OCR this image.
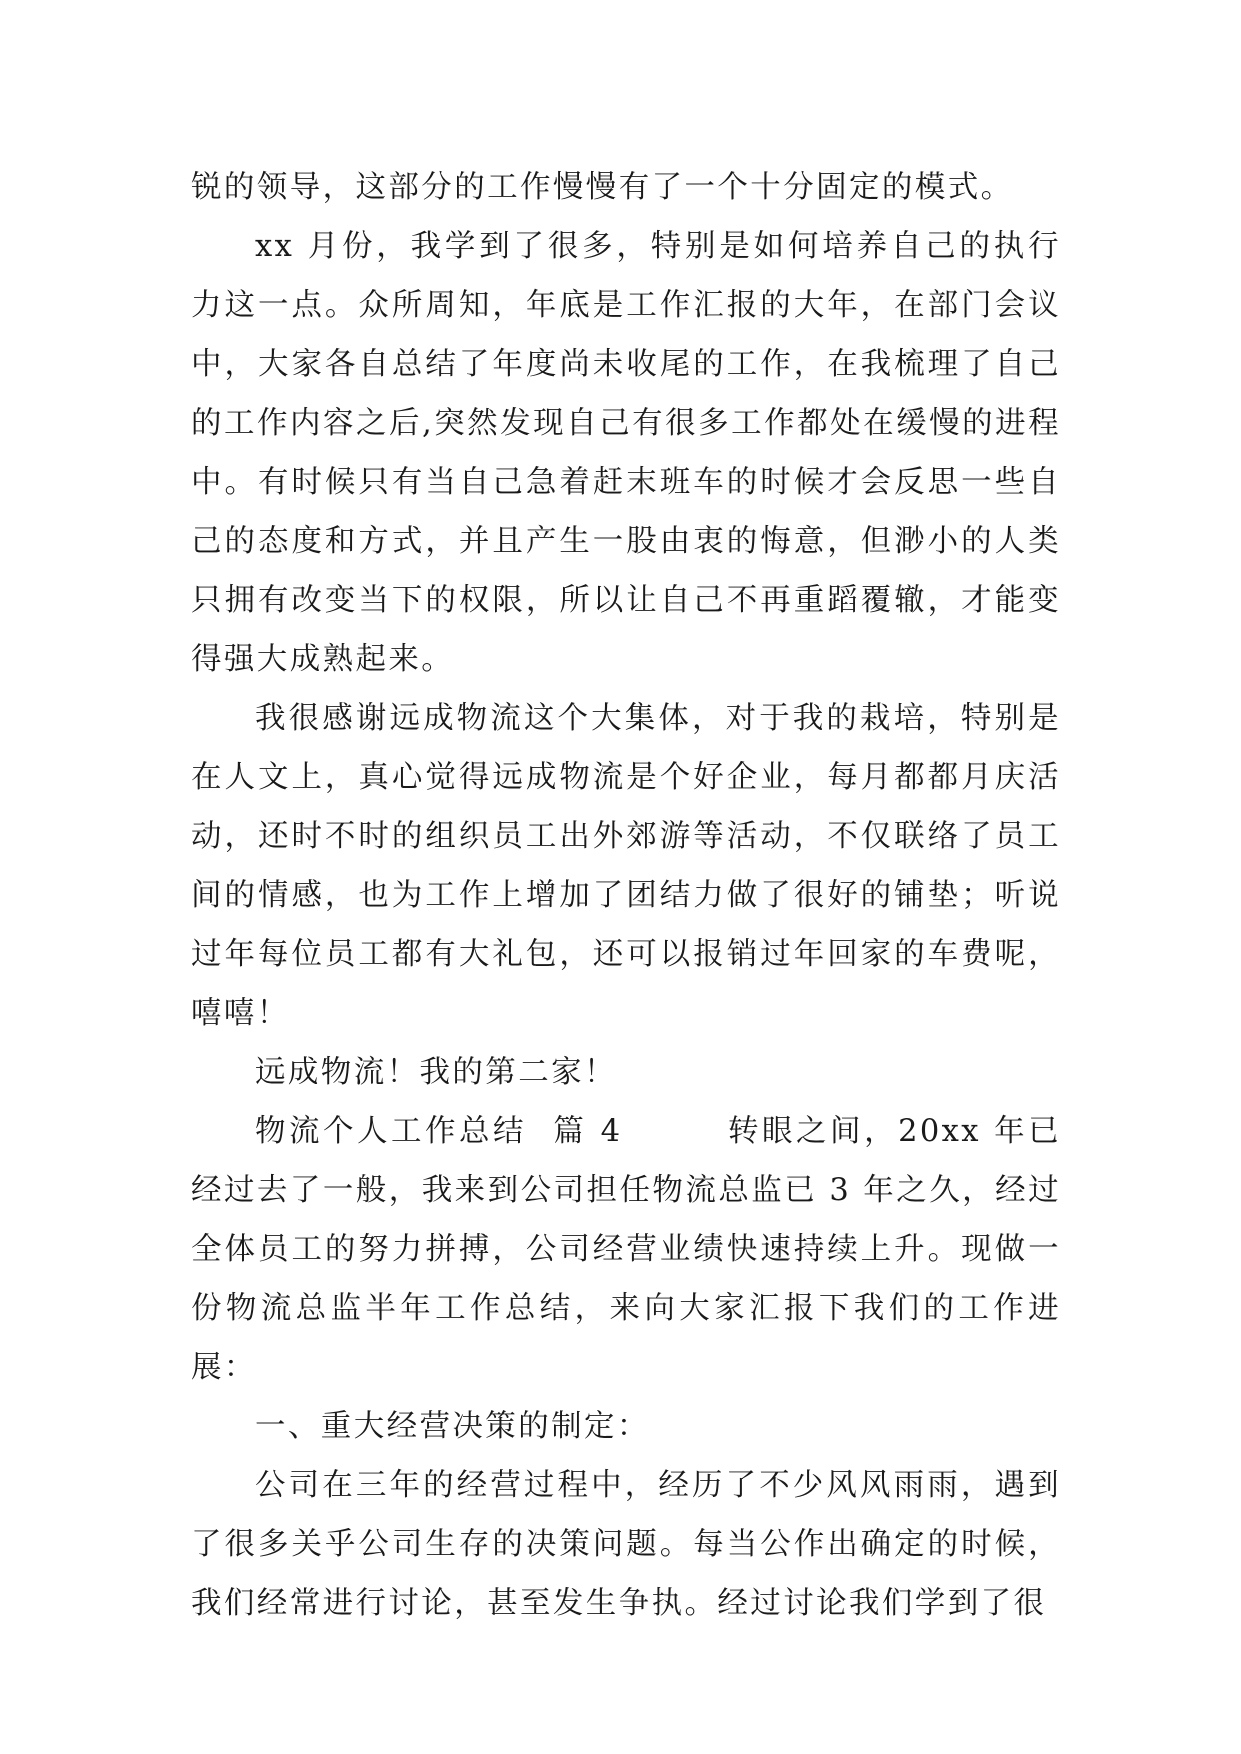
锐的领导，这部分的工作慢慢有了一个十分固定的模式。

xx 月份，我学到了很多，特别是如何培养自己的执行力这一点。众所周知，年底是工作汇报的大年，在部门会议中，大家各自总结了年度尚未收尾的工作，在我梳理了自己的工作内容之后,突然发现自己有很多工作都处在缓慢的进程中。有时候只有当自己急着赶末班车的时候才会反思一些自己的态度和方式，并且产生一股由衷的悔意，但渺小的人类只拥有改变当下的权限，所以让自己不再重蹈覆辙，才能变得强大成熟起来。

我很感谢远成物流这个大集体，对于我的栽培，特别是在人文上，真心觉得远成物流是个好企业，每月都都月庆活动，还时不时的组织员工出外郊游等活动，不仅联络了员工间的情感，也为工作上增加了团结力做了很好的铺垫；听说过年每位员工都有大礼包，还可以报销过年回家的车费呢，嘻嘻！

远成物流！我的第二家！

物流个人工作总结  篇 4        转眼之间，20xx 年已经过去了一般，我来到公司担任物流总监已 3 年之久，经过全体员工的努力拼搏，公司经营业绩快速持续上升。现做一份物流总监半年工作总结，来向大家汇报下我们的工作进展：

一、重大经营决策的制定：

公司在三年的经营过程中，经历了不少风风雨雨，遇到了很多关乎公司生存的决策问题。每当公作出确定的时候，我们经常进行讨论，甚至发生争执。经过讨论我们学到了很
